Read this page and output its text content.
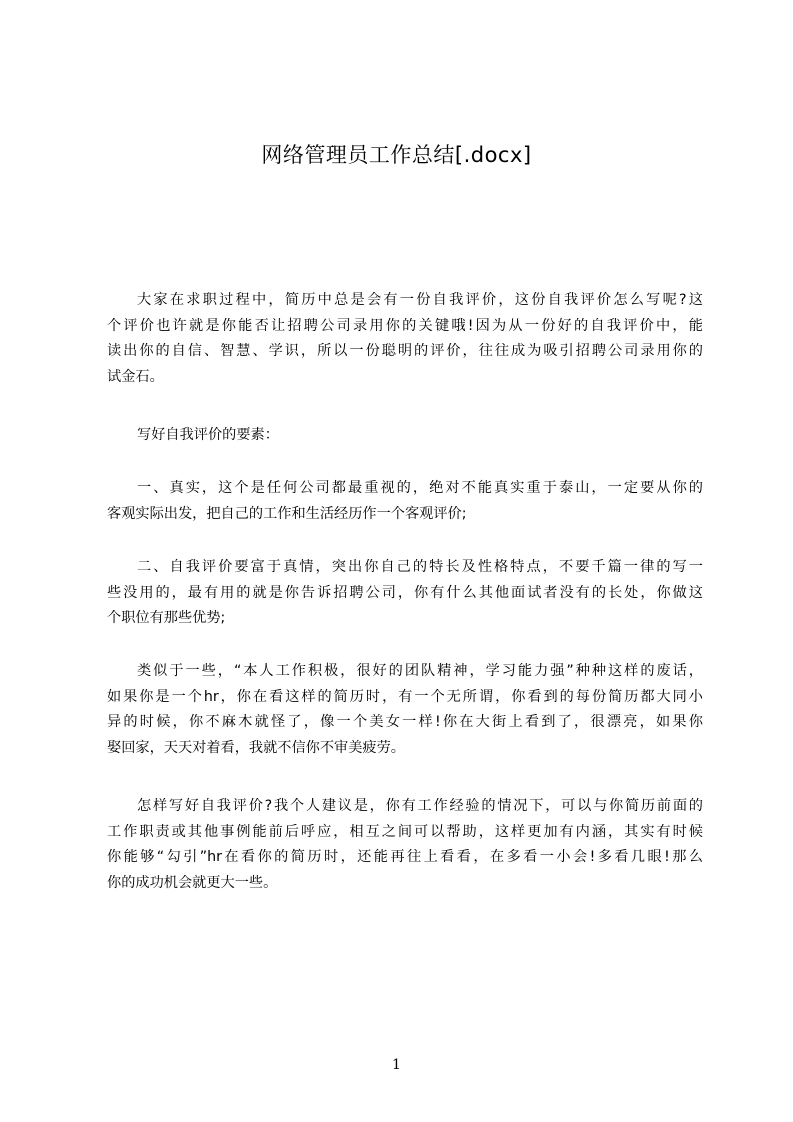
网络管理员工作总结[.docx]
大家在求职过程中，简历中总是会有一份自我评价，这份自我评价怎么写呢?这
个评价也许就是你能否让招聘公司录用你的关键哦!因为从一份好的自我评价中，能
读出你的自信、智慧、学识，所以一份聪明的评价，往往成为吸引招聘公司录用你的
试金石。
写好自我评价的要素：
一、真实，这个是任何公司都最重视的，绝对不能真实重于泰山，一定要从你的
客观实际出发，把自己的工作和生活经历作一个客观评价;
二、自我评价要富于真情，突出你自己的特长及性格特点，不要千篇一律的写一
些没用的，最有用的就是你告诉招聘公司，你有什么其他面试者没有的长处，你做这
个职位有那些优势;
类似于一些，“本人工作积极，很好的团队精神，学习能力强”种种这样的废话，
如果你是一个hr，你在看这样的简历时，有一个无所谓，你看到的每份简历都大同小
异的时候，你不麻木就怪了，像一个美女一样!你在大街上看到了，很漂亮，如果你
娶回家，天天对着看，我就不信你不审美疲劳。
怎样写好自我评价?我个人建议是，你有工作经验的情况下，可以与你简历前面的
工作职责或其他事例能前后呼应，相互之间可以帮助，这样更加有内涵，其实有时候
你能够“勾引”hr在看你的简历时，还能再往上看看，在多看一小会!多看几眼!那么
你的成功机会就更大一些。
1
